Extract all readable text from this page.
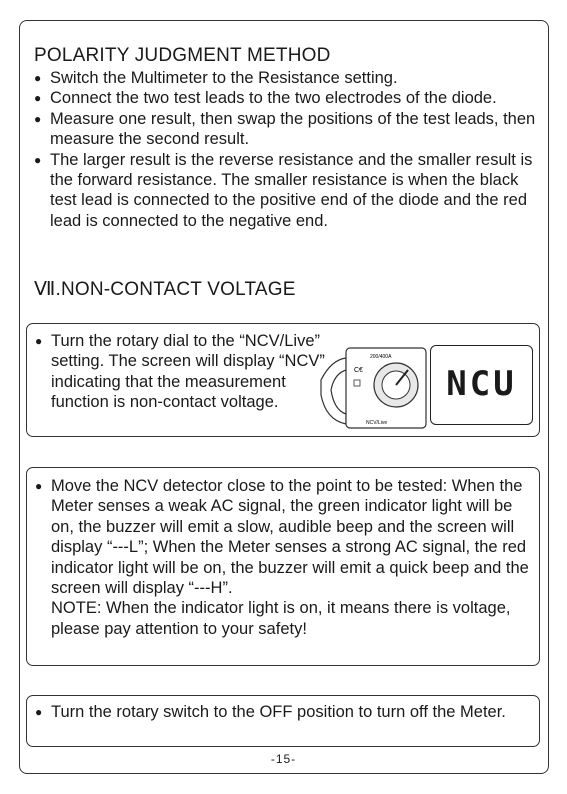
POLARITY JUDGMENT METHOD
● Switch the Multimeter to the Resistance setting.
● Connect the two test leads to the two electrodes of the diode.
● Measure one result, then swap the positions of the test leads, then measure the second result.
● The larger result is the reverse resistance and the smaller result is the forward resistance. The smaller resistance is when the black test lead is connected to the positive end of the diode and the red lead is connected to the negative end.
Ⅶ.NON-CONTACT VOLTAGE
● Turn the rotary dial to the “NCV/Live” setting. The screen will display “NCV” indicating that the measurement function is non-contact voltage.
200/400A
NCV/Live
C€	NCU
● Move the NCV detector close to the point to be tested: When the Meter senses a weak AC signal, the green indicator light will be on, the buzzer will emit a slow, audible beep and the screen will display “---L”; When the Meter senses a strong AC signal, the red indicator light will be on, the buzzer will emit a quick beep and the screen will display “---H”.
NOTE: When the indicator light is on, it means there is voltage, please pay attention to your safety!
● Turn the rotary switch to the OFF position to turn off the Meter.
-15-
